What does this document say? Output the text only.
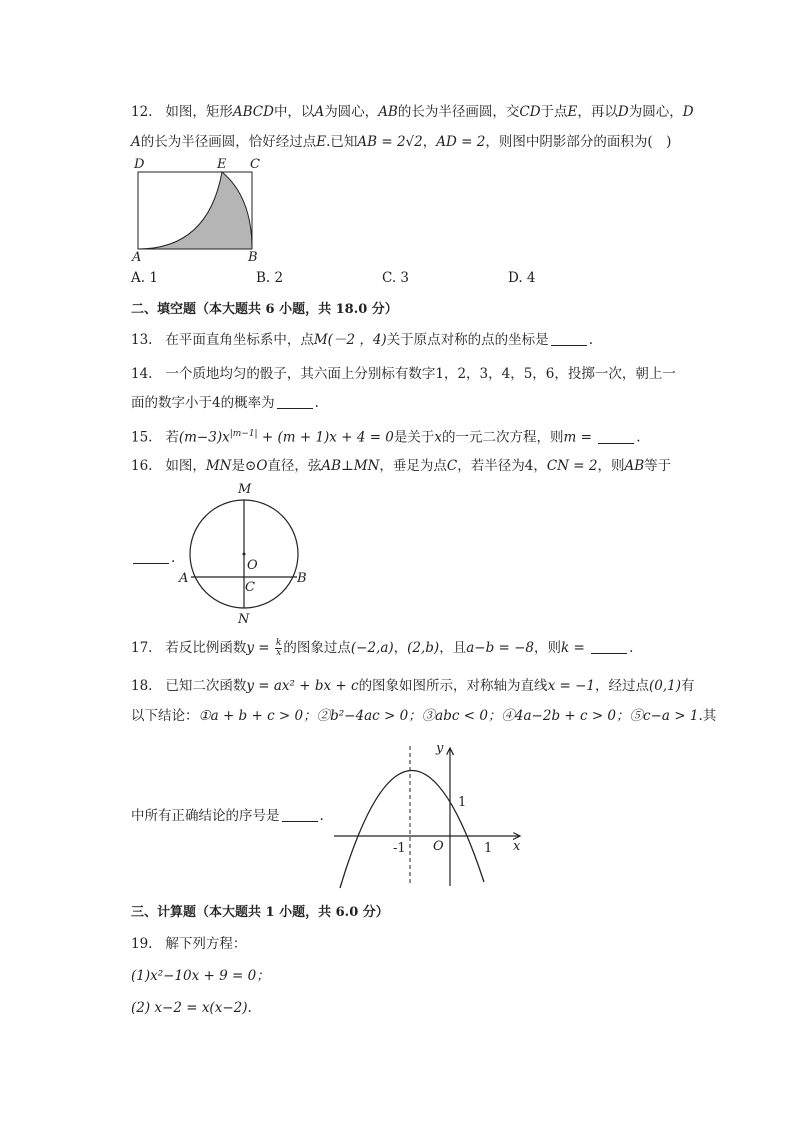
12. 如图，矩形ABCD中，以A为圆心，AB的长为半径画圆，交CD于点E，再以D为圆心，D
A的长为半径画圆，恰好经过点E.已知AB = 2√2，AD = 2，则图中阴影部分的面积为(　)
D	E C
A	B
A. 1	B. 2	C. 3	D. 4
二、填空题（本大题共 6 小题，共 18.0 分）
13. 在平面直角坐标系中，点M(－2 ，4)关于原点对称的点的坐标是	.
14. 一个质地均匀的骰子，其六面上分别标有数字1，2，3，4，5，6，投掷一次，朝上一
面的数字小于4的概率为	.
15. 若$(m-3)x^{|m-1|} + (m + 1)x + 4 = 0$是关于x的一元二次方程，则m =	.
16. 如图，MN是⊙O直径，弦AB⊥MN，垂足为点C，若半径为4，CN = 2，则AB等于
.
M
O
A
C
B
N
17. 若反比例函数$y = \frac{k}{x}$ 的图象过点(−2,a)，(2,b)，且a−b = −8，则k =	.
18. 已知二次函数y = ax² + bx + c的图象如图所示，对称轴为直线x = −1，经过点(0,1)有
以下结论：①a + b + c > 0；②b²−4ac > 0；③abc < 0；④4a−2b + c > 0；⑤c−a > 1.其
中所有正确结论的序号是	.
y
x
1
-1 O	1
三、计算题（本大题共 1 小题，共 6.0 分）
19. 解下列方程：
(1)x²−10x + 9 = 0；
(2) x−2 = x(x−2).
